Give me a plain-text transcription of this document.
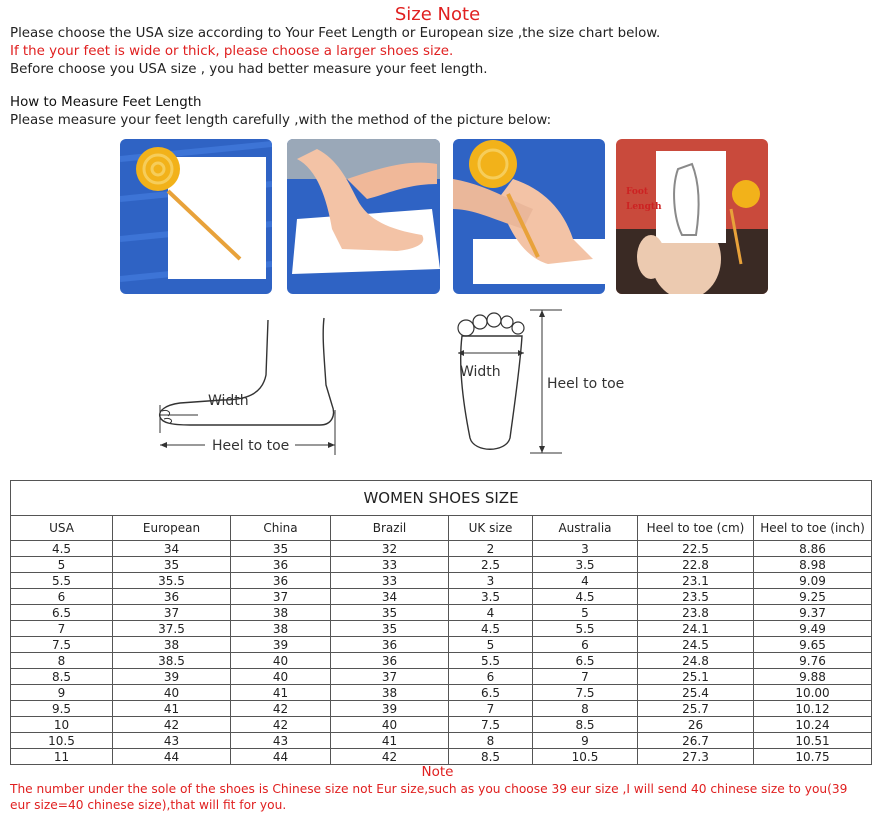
Size Note
Please choose the USA size according to Your Feet Length or European size ,the size chart below.
If the your feet is wide or thick, please choose a larger shoes size.
Before choose you USA size , you had better measure your feet length.
How to Measure Feet Length
Please measure your feet length carefully ,with the method of the picture below:
Foot
Length
Width
Heel to toe
Width
Heel to toe
WOMEN SHOES SIZE							
USA	European	China	Brazil	UK size	Australia	Heel to toe (cm)	Heel to toe (inch)
4.5	34	35	32	2	3	22.5	8.86
5	35	36	33	2.5	3.5	22.8	8.98
5.5	35.5	36	33	3	4	23.1	9.09
6	36	37	34	3.5	4.5	23.5	9.25
6.5	37	38	35	4	5	23.8	9.37
7	37.5	38	35	4.5	5.5	24.1	9.49
7.5	38	39	36	5	6	24.5	9.65
8	38.5	40	36	5.5	6.5	24.8	9.76
8.5	39	40	37	6	7	25.1	9.88
9	40	41	38	6.5	7.5	25.4	10.00
9.5	41	42	39	7	8	25.7	10.12
10	42	42	40	7.5	8.5	26	10.24
10.5	43	43	41	8	9	26.7	10.51
11	44	44	42	8.5	10.5	27.3	10.75
Note
The number under the sole of the shoes is Chinese size not Eur size,such as you choose 39 eur size ,I will send 40 chinese size to you(39 eur size=40 chinese size),that will fit for you.
